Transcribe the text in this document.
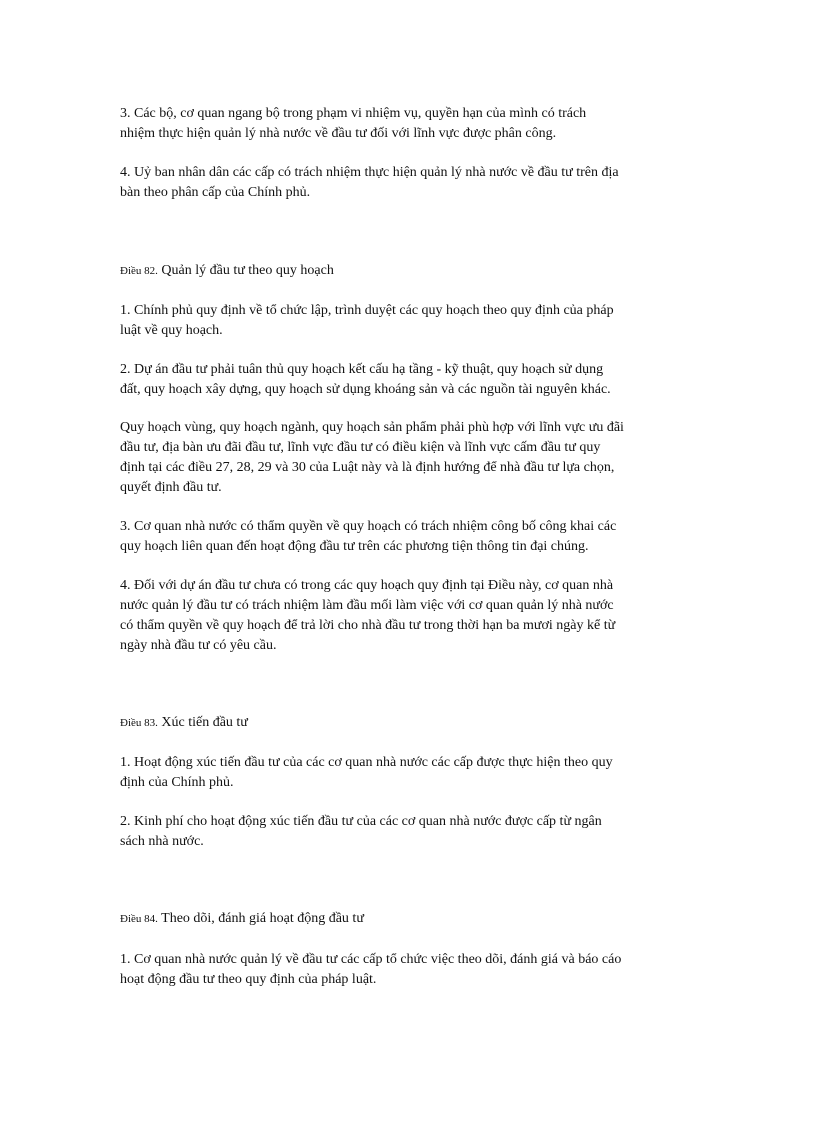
3. Các bộ, cơ quan ngang bộ trong phạm vi nhiệm vụ, quyền hạn của mình có trách
nhiệm thực hiện quản lý nhà nước về đầu tư đối với lĩnh vực được phân công.

4. Uỷ ban nhân dân các cấp có trách nhiệm thực hiện quản lý nhà nước về đầu tư trên địa
bàn theo phân cấp của Chính phủ.

Điều 82. Quản lý đầu tư theo quy hoạch

1. Chính phủ quy định về tổ chức lập, trình duyệt các quy hoạch theo quy định của pháp
luật về quy hoạch.

2. Dự án đầu tư phải tuân thủ quy hoạch kết cấu hạ tầng - kỹ thuật, quy hoạch sử dụng
đất, quy hoạch xây dựng, quy hoạch sử dụng khoáng sản và các nguồn tài nguyên khác.

Quy hoạch vùng, quy hoạch ngành, quy hoạch sản phẩm phải phù hợp với lĩnh vực ưu đãi
đầu tư, địa bàn ưu đãi đầu tư, lĩnh vực đầu tư có điều kiện và lĩnh vực cấm đầu tư quy
định tại các điều 27, 28, 29 và 30 của Luật này và là định hướng để nhà đầu tư lựa chọn,
quyết định đầu tư.

3. Cơ quan nhà nước có thẩm quyền về quy hoạch có trách nhiệm công bố công khai các
quy hoạch liên quan đến hoạt động đầu tư trên các phương tiện thông tin đại chúng.

4. Đối với dự án đầu tư chưa có trong các quy hoạch quy định tại Điều này, cơ quan nhà
nước quản lý đầu tư có trách nhiệm làm đầu mối làm việc với cơ quan quản lý nhà nước
có thẩm quyền về quy hoạch để trả lời cho nhà đầu tư trong thời hạn ba mươi ngày kể từ
ngày nhà đầu tư có yêu cầu.

Điều 83. Xúc tiến đầu tư

1. Hoạt động xúc tiến đầu tư của các cơ quan nhà nước các cấp được thực hiện theo quy
định của Chính phủ.

2. Kinh phí cho hoạt động xúc tiến đầu tư của các cơ quan nhà nước được cấp từ ngân
sách nhà nước.

Điều 84. Theo dõi, đánh giá hoạt động đầu tư

1. Cơ quan nhà nước quản lý về đầu tư các cấp tổ chức việc theo dõi, đánh giá và báo cáo
hoạt động đầu tư theo quy định của pháp luật.
